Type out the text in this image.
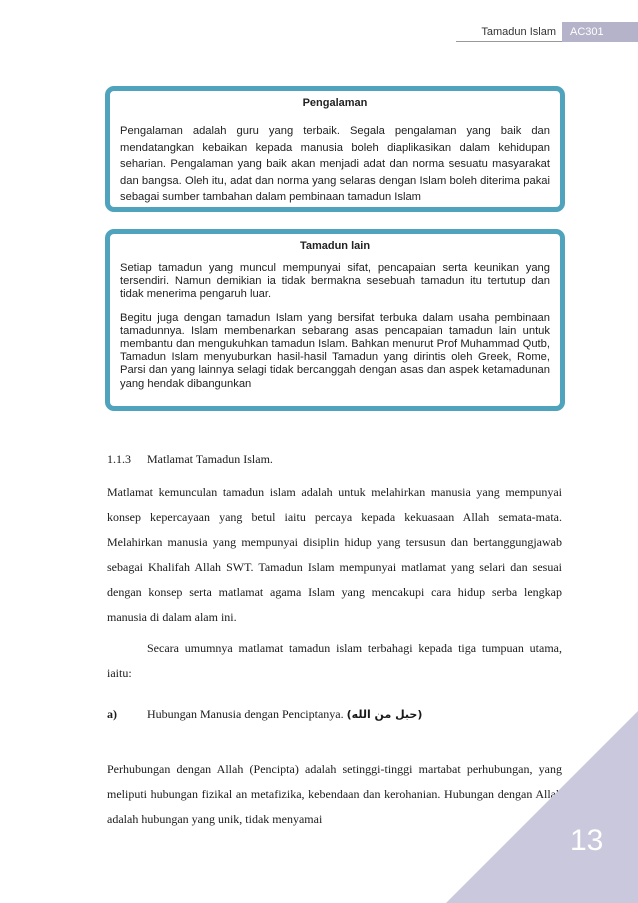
Tamadun Islam	AC301
Pengalaman

Pengalaman adalah guru yang terbaik. Segala pengalaman yang baik dan mendatangkan kebaikan kepada manusia boleh diaplikasikan dalam kehidupan seharian. Pengalaman yang baik akan menjadi adat dan norma sesuatu masyarakat dan bangsa. Oleh itu, adat dan norma yang selaras dengan Islam boleh diterima pakai sebagai sumber tambahan dalam pembinaan tamadun Islam

Tamadun lain

Setiap tamadun yang muncul mempunyai sifat, pencapaian serta keunikan yang tersendiri. Namun demikian ia tidak bermakna sesebuah tamadun itu tertutup dan tidak menerima pengaruh luar.

Begitu juga dengan tamadun Islam yang bersifat terbuka dalam usaha pembinaan tamadunnya. Islam membenarkan sebarang asas pencapaian tamadun lain untuk membantu dan mengukuhkan tamadun Islam. Bahkan menurut Prof Muhammad Qutb, Tamadun Islam menyuburkan hasil-hasil Tamadun yang dirintis oleh Greek, Rome, Parsi dan yang lainnya selagi tidak bercanggah dengan asas dan aspek ketamadunan yang hendak dibangunkan

1.1.3 Matlamat Tamadun Islam.

Matlamat kemunculan tamadun islam adalah untuk melahirkan manusia yang mempunyai konsep kepercayaan yang betul iaitu percaya kepada kekuasaan Allah semata-mata. Melahirkan manusia yang mempunyai disiplin hidup yang tersusun dan bertanggungjawab sebagai Khalifah Allah SWT. Tamadun Islam mempunyai matlamat yang selari dan sesuai dengan konsep serta matlamat agama Islam yang mencakupi cara hidup serba lengkap manusia di dalam alam ini.

Secara umumnya matlamat tamadun islam terbahagi kepada tiga tumpuan utama, iaitu:

a)	Hubungan Manusia dengan Penciptanya. (حبل من الله)

Perhubungan dengan Allah (Pencipta) adalah setinggi-tinggi martabat perhubungan, yang meliputi hubungan fizikal an metafizika, kebendaan dan kerohanian. Hubungan dengan Allah adalah hubungan yang unik, tidak menyamai

13
